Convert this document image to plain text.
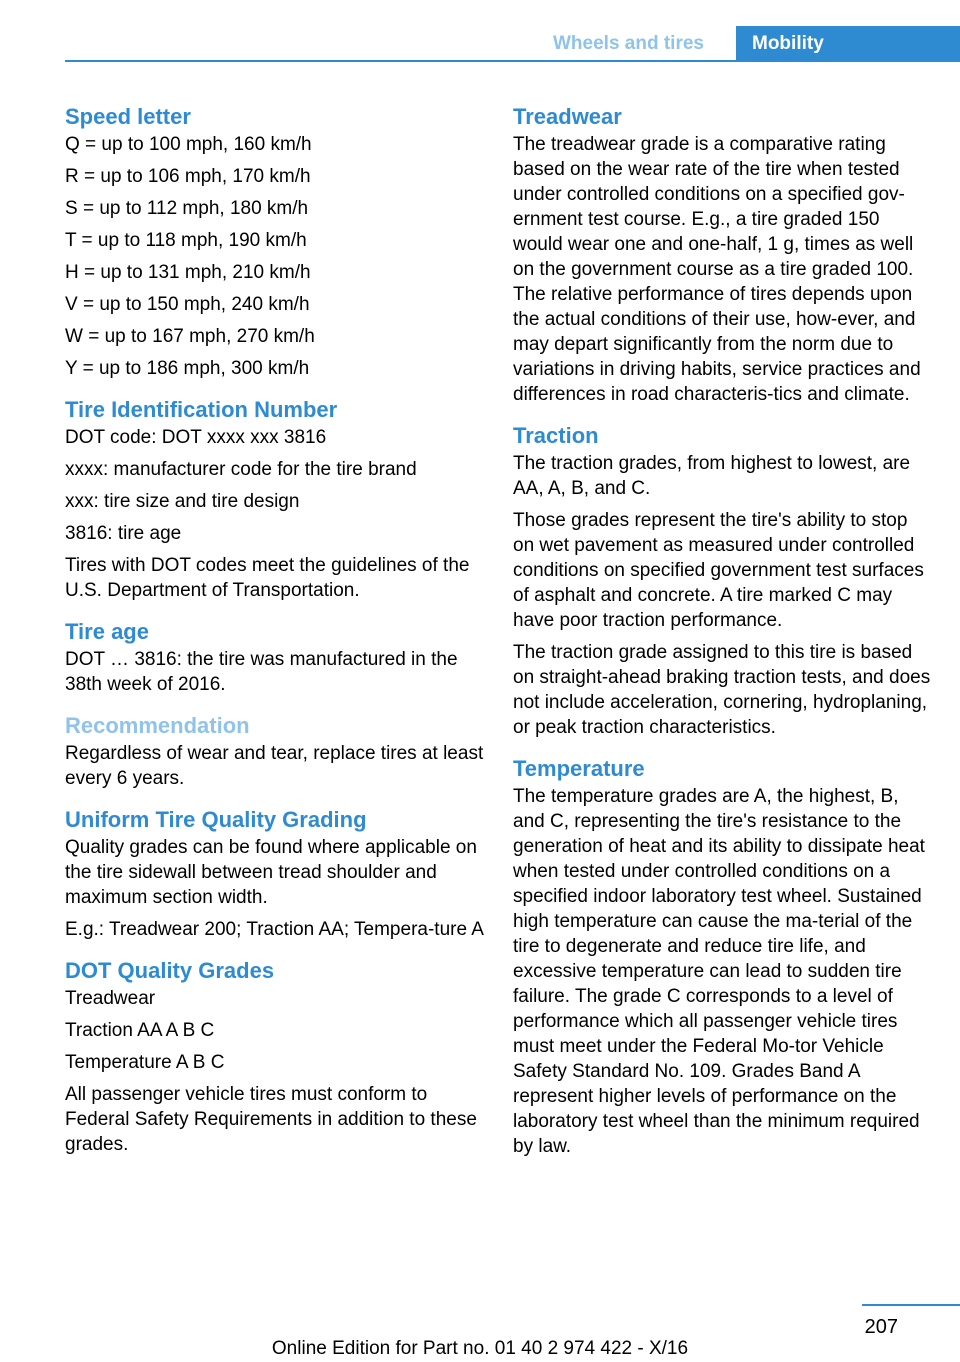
Wheels and tires	Mobility
Speed letter

Q = up to 100 mph, 160 km/h

R = up to 106 mph, 170 km/h

S = up to 112 mph, 180 km/h

T = up to 118 mph, 190 km/h

H = up to 131 mph, 210 km/h

V = up to 150 mph, 240 km/h

W = up to 167 mph, 270 km/h

Y = up to 186 mph, 300 km/h

Tire Identification Number

DOT code: DOT xxxx xxx 3816

xxxx: manufacturer code for the tire brand

xxx: tire size and tire design

3816: tire age

Tires with DOT codes meet the guidelines of the U.S. Department of Transportation.

Tire age

DOT … 3816: the tire was manufactured in the 38th week of 2016.

Recommendation

Regardless of wear and tear, replace tires at least every 6 years.

Uniform Tire Quality Grading

Quality grades can be found where applicable on the tire sidewall between tread shoulder and maximum section width.

E.g.: Treadwear 200; Traction AA; Tempera-ture A

DOT Quality Grades

Treadwear

Traction AA A B C

Temperature A B C

All passenger vehicle tires must conform to Federal Safety Requirements in addition to these grades.

Treadwear

The treadwear grade is a comparative rating based on the wear rate of the tire when tested under controlled conditions on a specified gov-ernment test course. E.g., a tire graded 150 would wear one and one-half, 1 g, times as well on the government course as a tire graded 100. The relative performance of tires depends upon the actual conditions of their use, how-ever, and may depart significantly from the norm due to variations in driving habits, service practices and differences in road characteris-tics and climate.

Traction

The traction grades, from highest to lowest, are AA, A, B, and C.

Those grades represent the tire's ability to stop on wet pavement as measured under controlled conditions on specified government test surfaces of asphalt and concrete. A tire marked C may have poor traction performance.

The traction grade assigned to this tire is based on straight-ahead braking traction tests, and does not include acceleration, cornering, hydroplaning, or peak traction characteristics.

Temperature

The temperature grades are A, the highest, B, and C, representing the tire's resistance to the generation of heat and its ability to dissipate heat when tested under controlled conditions on a specified indoor laboratory test wheel. Sustained high temperature can cause the ma-terial of the tire to degenerate and reduce tire life, and excessive temperature can lead to sudden tire failure. The grade C corresponds to a level of performance which all passenger vehicle tires must meet under the Federal Mo-tor Vehicle Safety Standard No. 109. Grades Band A represent higher levels of performance on the laboratory test wheel than the minimum required by law.

207
Online Edition for Part no. 01 40 2 974 422 - X/16
